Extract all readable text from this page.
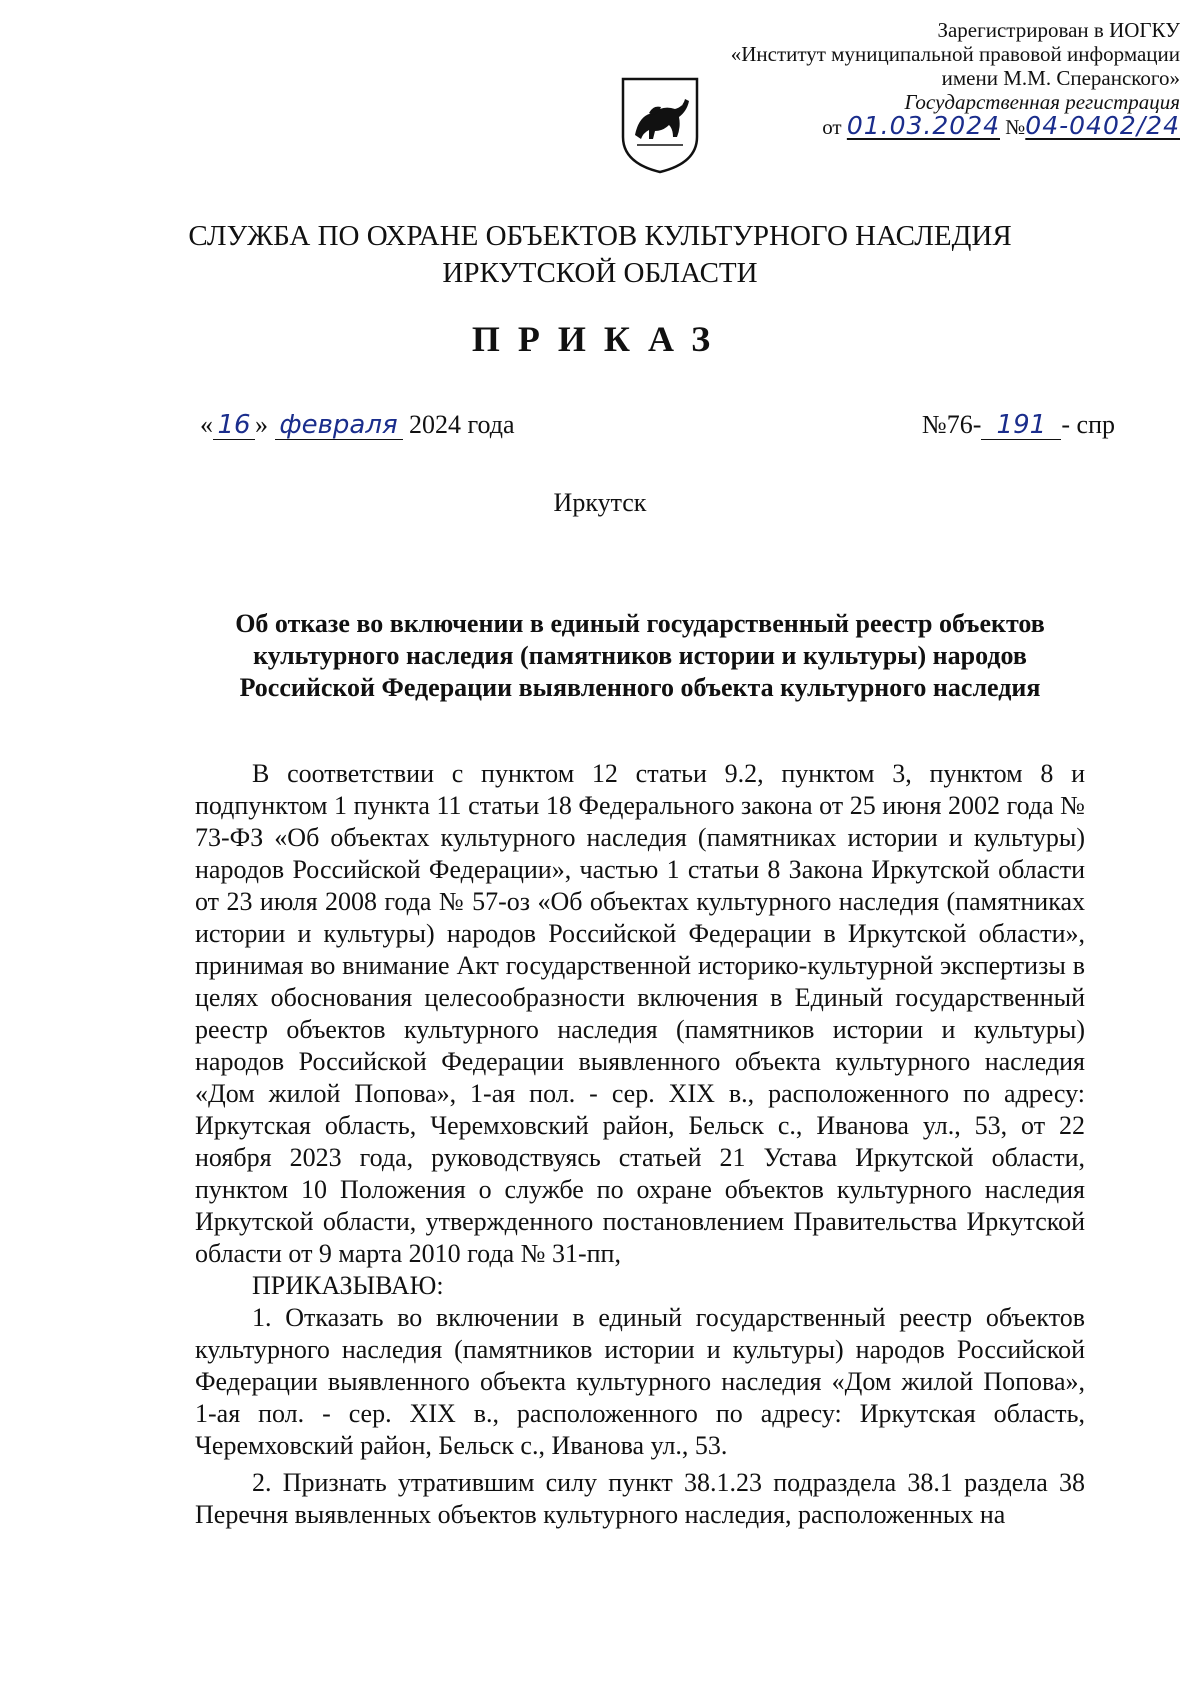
Зарегистрирован в ИОГКУ
«Институт муниципальной правовой информации
имени М.М. Сперанского»
Государственная регистрация
от 01.03.2024 №04-0402/24
СЛУЖБА ПО ОХРАНЕ ОБЪЕКТОВ КУЛЬТУРНОГО НАСЛЕДИЯ
ИРКУТСКОЙ ОБЛАСТИ
ПРИКАЗ
« 16 » февраля 2024 года	№76- 191 - спр
Иркутск
Об отказе во включении в единый государственный реестр объектов культурного наследия (памятников истории и культуры) народов Российской Федерации выявленного объекта культурного наследия

В соответствии с пунктом 12 статьи 9.2, пунктом 3, пунктом 8 и подпунктом 1 пункта 11 статьи 18 Федерального закона от 25 июня 2002 года № 73-ФЗ «Об объектах культурного наследия (памятниках истории и культуры) народов Российской Федерации», частью 1 статьи 8 Закона Иркутской области от 23 июля 2008 года № 57-оз «Об объектах культурного наследия (памятниках истории и культуры) народов Российской Федерации в Иркутской области», принимая во внимание Акт государственной историко-культурной экспертизы в целях обоснования целесообразности включения в Единый государственный реестр объектов культурного наследия (памятников истории и культуры) народов Российской Федерации выявленного объекта культурного наследия «Дом жилой Попова», 1-ая пол. - сер. XIX в., расположенного по адресу: Иркутская область, Черемховский район, Бельск с., Иванова ул., 53, от 22 ноября 2023 года, руководствуясь статьей 21 Устава Иркутской области, пунктом 10 Положения о службе по охране объектов культурного наследия Иркутской области, утвержденного постановлением Правительства Иркутской области от 9 марта 2010 года № 31-пп,

ПРИКАЗЫВАЮ:

1. Отказать во включении в единый государственный реестр объектов культурного наследия (памятников истории и культуры) народов Российской Федерации выявленного объекта культурного наследия «Дом жилой Попова», 1-ая пол. - сер. XIX в., расположенного по адресу: Иркутская область, Черемховский район, Бельск с., Иванова ул., 53.

2. Признать утратившим силу пункт 38.1.23 подраздела 38.1 раздела 38 Перечня выявленных объектов культурного наследия, расположенных на
